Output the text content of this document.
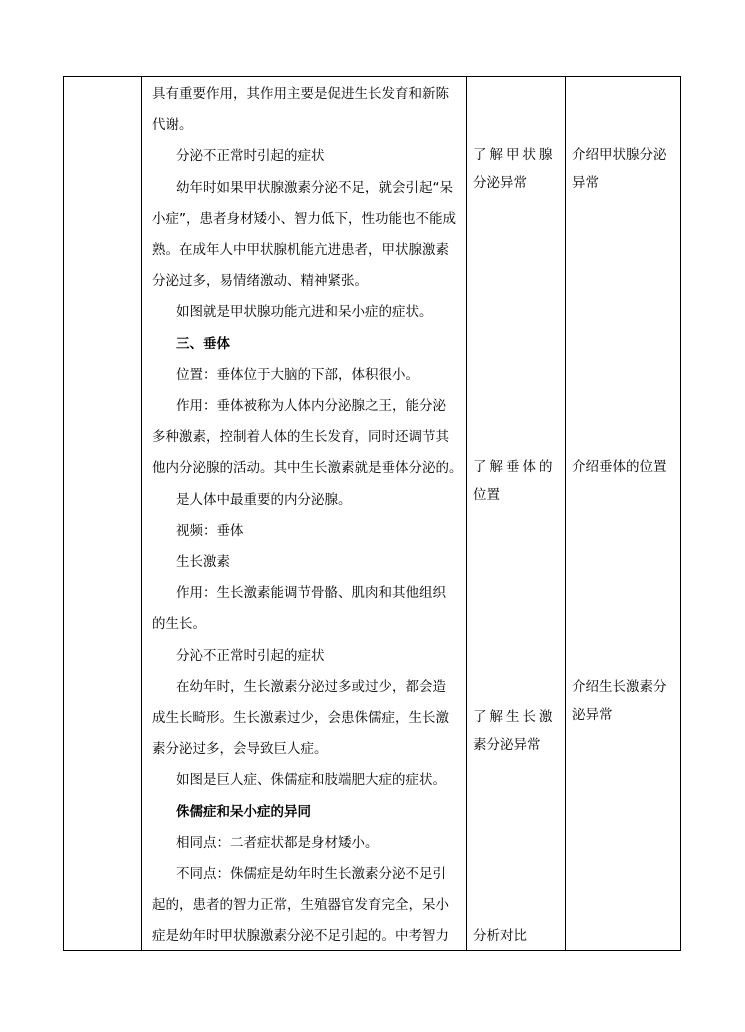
具有重要作用，其作用主要是促进生长发育和新陈
代谢。
分泌不正常时引起的症状
幼年时如果甲状腺激素分泌不足，就会引起“呆
小症”，患者身材矮小、智力低下，性功能也不能成
熟。在成年人中甲状腺机能亢进患者，甲状腺激素
分泌过多，易情绪激动、精神紧张。
如图就是甲状腺功能亢进和呆小症的症状。
三、垂体
位置：垂体位于大脑的下部，体积很小。
作用：垂体被称为人体内分泌腺之王，能分泌
多种激素，控制着人体的生长发育，同时还调节其
他内分泌腺的活动。其中生长激素就是垂体分泌的。
是人体中最重要的内分泌腺。
视频：垂体
生长激素
作用：生长激素能调节骨骼、肌肉和其他组织
的生长。
分沁不正常时引起的症状
在幼年时，生长激素分泌过多或过少，都会造
成生长畸形。生长激素过少，会患侏儒症，生长激
素分泌过多，会导致巨人症。
如图是巨人症、侏儒症和肢端肥大症的症状。
侏儒症和呆小症的异同
相同点：二者症状都是身材矮小。
不同点：侏儒症是幼年时生长激素分泌不足引
起的，患者的智力正常，生殖器官发育完全，呆小
症是幼年时甲状腺激素分泌不足引起的。中考智力
了解甲状腺
分泌异常
了解垂体的
位置
了解生长激
素分泌异常
分析对比
介绍甲状腺分泌
异常
介绍垂体的位置
介绍生长激素分
泌异常
